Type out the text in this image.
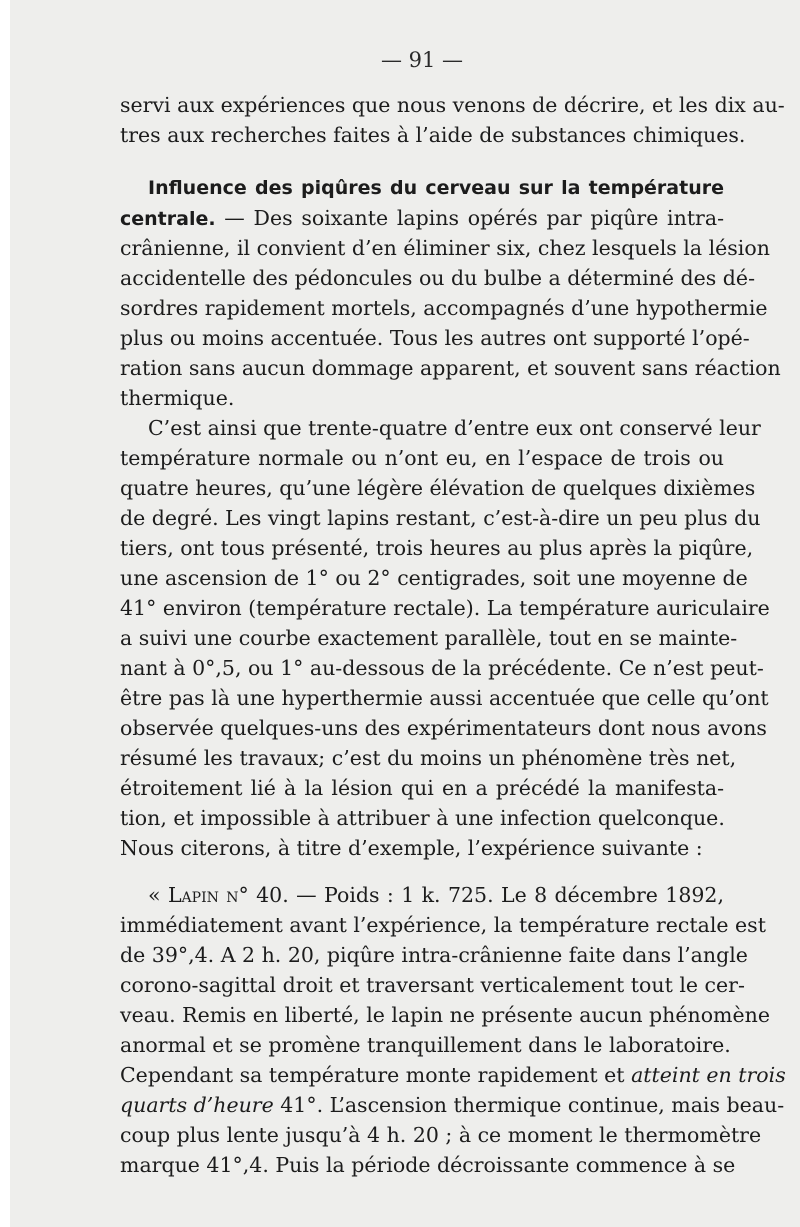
— 91 —
servi aux expériences que nous venons de décrire, et les dix au-
tres aux recherches faites à l’aide de substances chimiques.
Influence des piqûres du cerveau sur la température
centrale. — Des soixante lapins opérés par piqûre intra-
crânienne, il convient d’en éliminer six, chez lesquels la lésion
accidentelle des pédoncules ou du bulbe a déterminé des dé-
sordres rapidement mortels, accompagnés d’une hypothermie
plus ou moins accentuée. Tous les autres ont supporté l’opé-
ration sans aucun dommage apparent, et souvent sans réaction
thermique.
C’est ainsi que trente-quatre d’entre eux ont conservé leur
température normale ou n’ont eu, en l’espace de trois ou
quatre heures, qu’une légère élévation de quelques dixièmes
de degré. Les vingt lapins restant, c’est-à-dire un peu plus du
tiers, ont tous présenté, trois heures au plus après la piqûre,
une ascension de 1° ou 2° centigrades, soit une moyenne de
41° environ (température rectale). La température auriculaire
a suivi une courbe exactement parallèle, tout en se mainte-
nant à 0°,5, ou 1° au-dessous de la précédente. Ce n’est peut-
être pas là une hyperthermie aussi accentuée que celle qu’ont
observée quelques-uns des expérimentateurs dont nous avons
résumé les travaux; c’est du moins un phénomène très net,
étroitement lié à la lésion qui en a précédé la manifesta-
tion, et impossible à attribuer à une infection quelconque.
Nous citerons, à titre d’exemple, l’expérience suivante :
« Lapin n° 40. — Poids : 1 k. 725. Le 8 décembre 1892,
immédiatement avant l’expérience, la température rectale est
de 39°,4. A 2 h. 20, piqûre intra-crânienne faite dans l’angle
corono-sagittal droit et traversant verticalement tout le cer-
veau. Remis en liberté, le lapin ne présente aucun phénomène
anormal et se promène tranquillement dans le laboratoire.
Cependant sa température monte rapidement et atteint en trois
quarts d’heure 41°. L’ascension thermique continue, mais beau-
coup plus lente jusqu’à 4 h. 20 ; à ce moment le thermomètre
marque 41°,4. Puis la période décroissante commence à se
